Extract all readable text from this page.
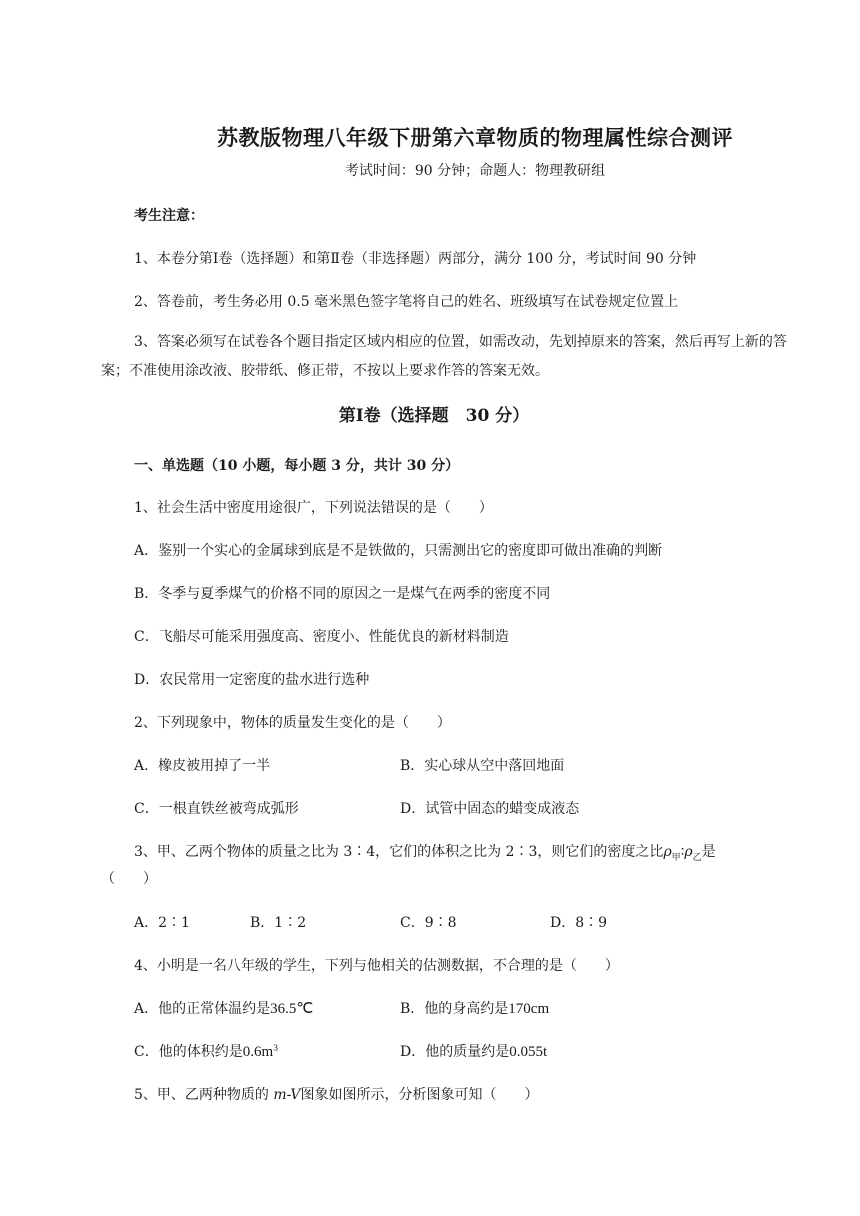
苏教版物理八年级下册第六章物质的物理属性综合测评
考试时间：90 分钟；命题人：物理教研组
考生注意：
1、本卷分第Ⅰ卷（选择题）和第Ⅱ卷（非选择题）两部分，满分 100 分，考试时间 90 分钟
2、答卷前，考生务必用 0.5 毫米黑色签字笔将自己的姓名、班级填写在试卷规定位置上
3、答案必须写在试卷各个题目指定区域内相应的位置，如需改动，先划掉原来的答案，然后再写上新的答案；不准使用涂改液、胶带纸、修正带，不按以上要求作答的答案无效。
第Ⅰ卷（选择题　30 分）
一、单选题（10 小题，每小题 3 分，共计 30 分）
1、社会生活中密度用途很广，下列说法错误的是（　　）
A．鉴别一个实心的金属球到底是不是铁做的，只需测出它的密度即可做出准确的判断
B．冬季与夏季煤气的价格不同的原因之一是煤气在两季的密度不同
C．飞船尽可能采用强度高、密度小、性能优良的新材料制造
D．农民常用一定密度的盐水进行选种
2、下列现象中，物体的质量发生变化的是（　　）
A．橡皮被用掉了一半	B．实心球从空中落回地面
C．一根直铁丝被弯成弧形	D．试管中固态的蜡变成液态
3、甲、乙两个物体的质量之比为 3∶4，它们的体积之比为 2∶3，则它们的密度之比$\rho_甲∶\rho_乙$是
（　　）
A．2∶1	B．1∶2	C．9∶8	D．8∶9
4、小明是一名八年级的学生，下列与他相关的估测数据，不合理的是（　　）
A．他的正常体温约是36.5℃	B．他的身高约是170cm
C．他的体积约是$0.6m^3$	D．他的质量约是0.055t
5、甲、乙两种物质的 m-V图象如图所示，分析图象可知（　　）
